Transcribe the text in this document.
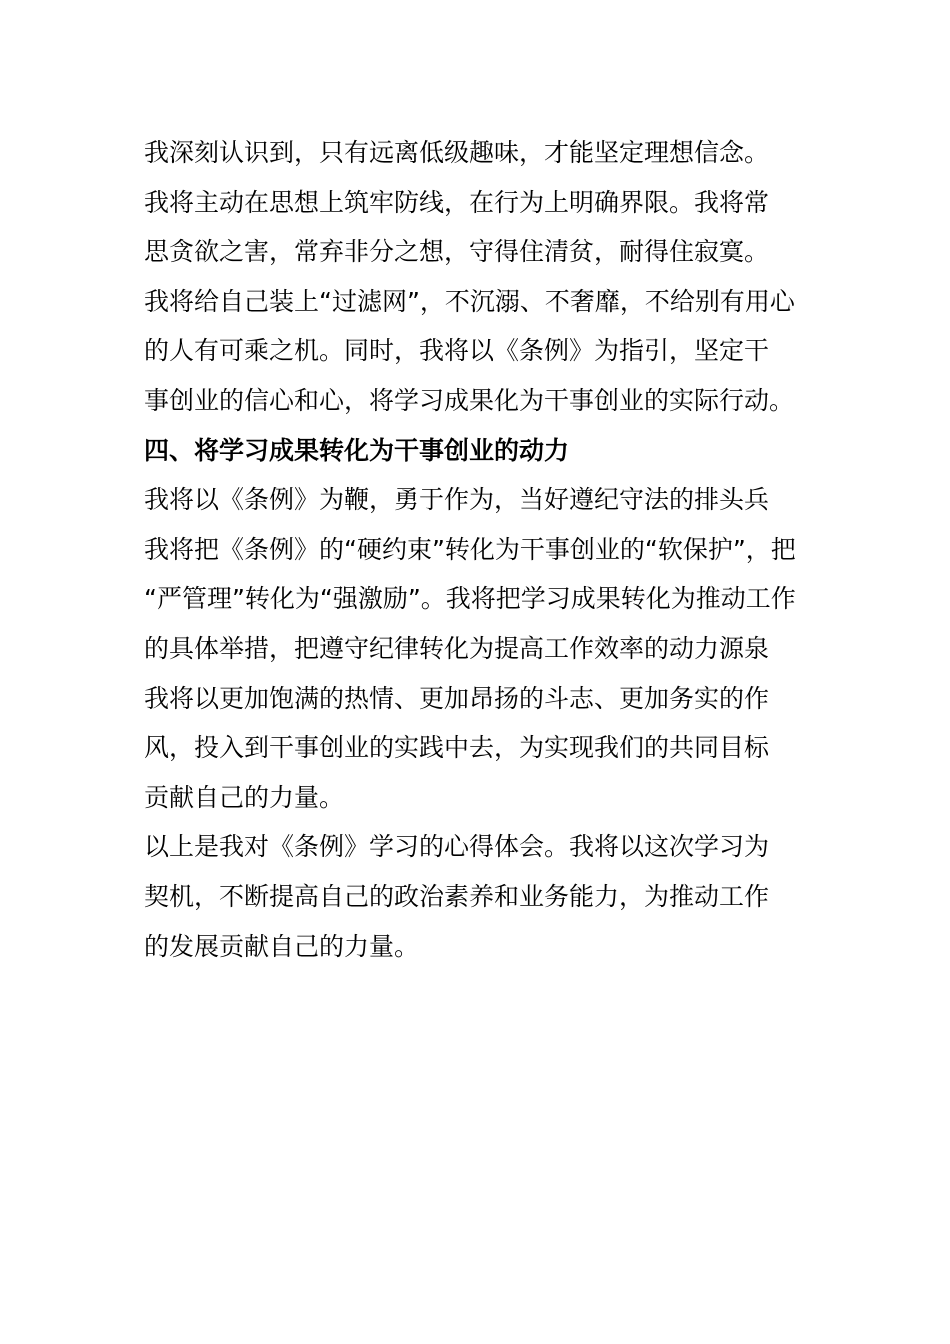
我深刻认识到，只有远离低级趣味，才能坚定理想信念。
我将主动在思想上筑牢防线，在行为上明确界限。我将常
思贪欲之害，常弃非分之想，守得住清贫，耐得住寂寞。
我将给自己装上“过滤网”，不沉溺、不奢靡，不给别有用心
的人有可乘之机。同时，我将以《条例》为指引，坚定干
事创业的信心和心，将学习成果化为干事创业的实际行动。
四、将学习成果转化为干事创业的动力
我将以《条例》为鞭，勇于作为，当好遵纪守法的排头兵
我将把《条例》的“硬约束”转化为干事创业的“软保护”，把
“严管理”转化为“强激励”。我将把学习成果转化为推动工作
的具体举措，把遵守纪律转化为提高工作效率的动力源泉
我将以更加饱满的热情、更加昂扬的斗志、更加务实的作
风，投入到干事创业的实践中去，为实现我们的共同目标
贡献自己的力量。
以上是我对《条例》学习的心得体会。我将以这次学习为
契机，不断提高自己的政治素养和业务能力，为推动工作
的发展贡献自己的力量。
